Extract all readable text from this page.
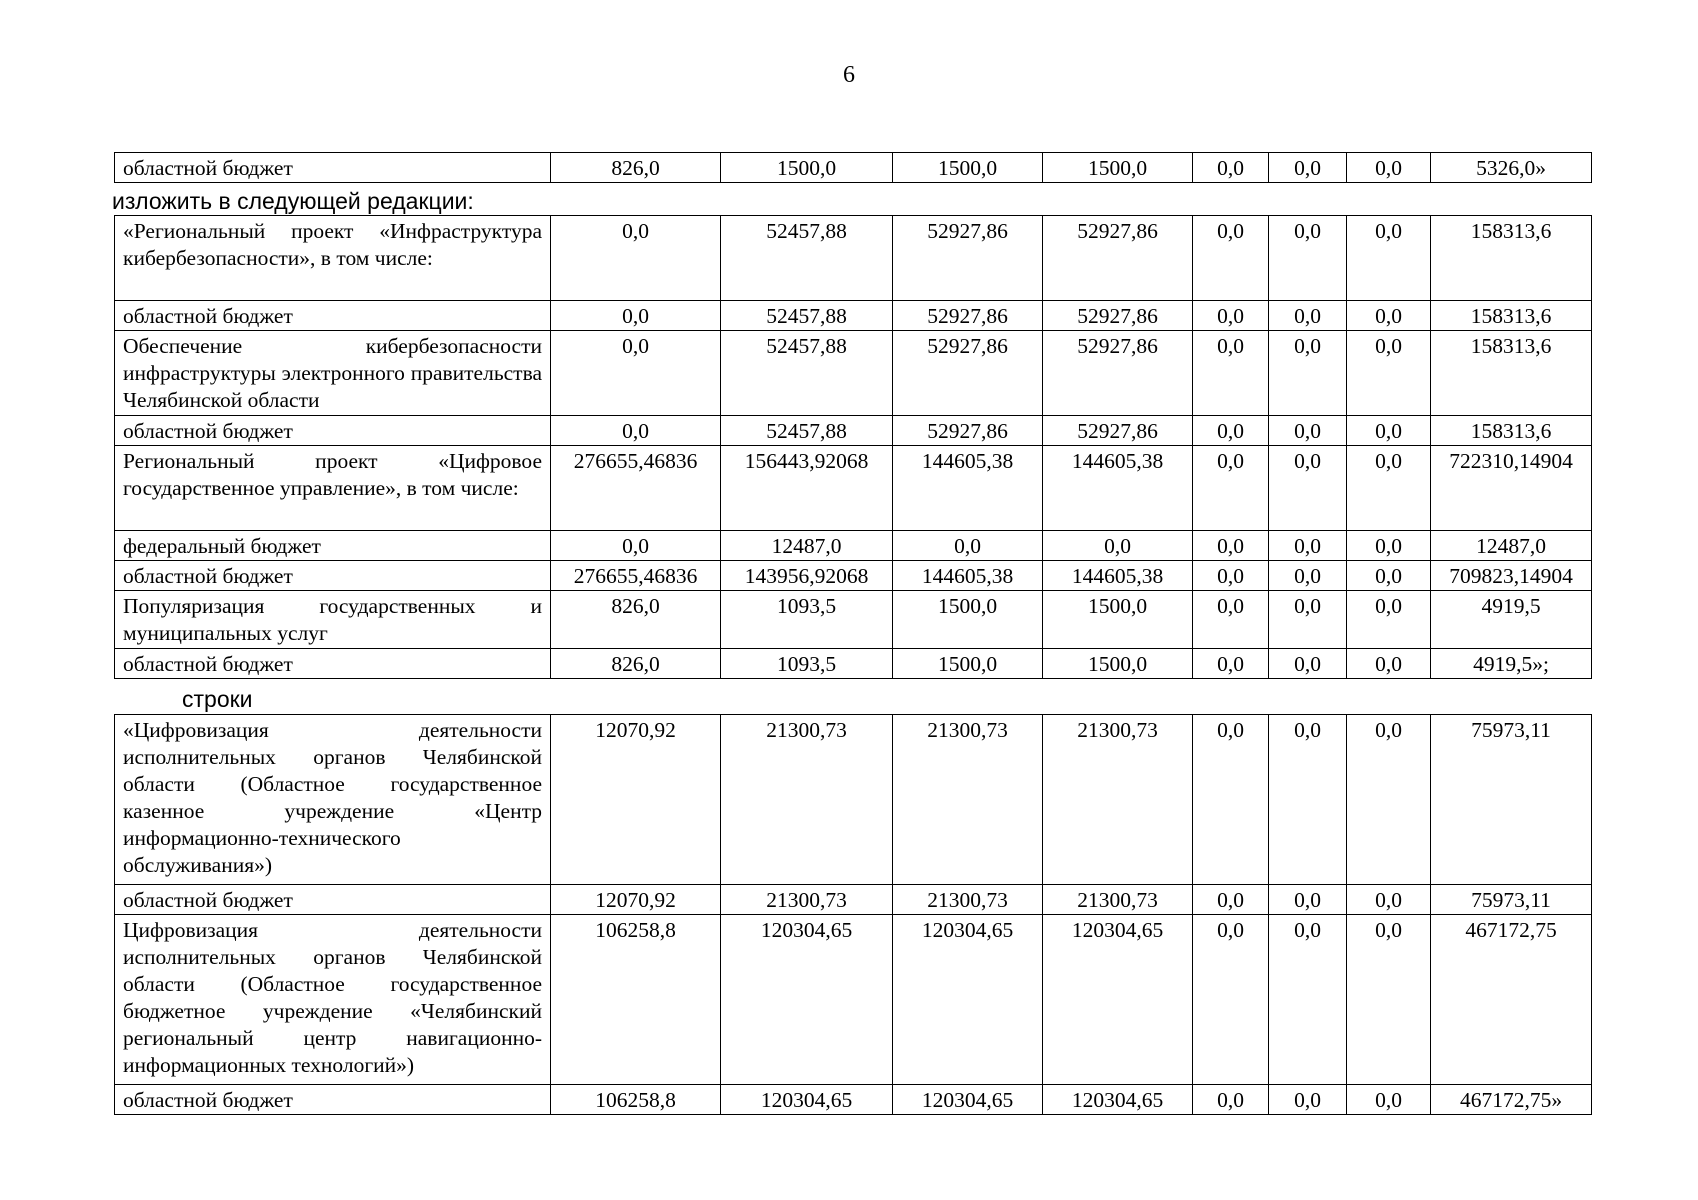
6
областной бюджет	826,0	1500,0	1500,0	1500,0	0,0	0,0	0,0	5326,0»
изложить в следующей редакции:
«Региональный проект «Инфраструктура кибербезопасности», в том числе:	0,0	52457,88	52927,86	52927,86	0,0	0,0	0,0	158313,6
областной бюджет	0,0	52457,88	52927,86	52927,86	0,0	0,0	0,0	158313,6
Обеспечение кибербезопасности инфраструктуры электронного правительства Челябинской области	0,0	52457,88	52927,86	52927,86	0,0	0,0	0,0	158313,6
областной бюджет	0,0	52457,88	52927,86	52927,86	0,0	0,0	0,0	158313,6
Региональный проект «Цифровое государственное управление», в том числе:	276655,46836	156443,92068	144605,38	144605,38	0,0	0,0	0,0	722310,14904
федеральный бюджет	0,0	12487,0	0,0	0,0	0,0	0,0	0,0	12487,0
областной бюджет	276655,46836	143956,92068	144605,38	144605,38	0,0	0,0	0,0	709823,14904
Популяризация государственных и муниципальных услуг	826,0	1093,5	1500,0	1500,0	0,0	0,0	0,0	4919,5
областной бюджет	826,0	1093,5	1500,0	1500,0	0,0	0,0	0,0	4919,5»;
строки
«Цифровизация деятельности исполнительных органов Челябинской области (Областное государственное казенное учреждение «Центр информационно-технического обслуживания»)	12070,92	21300,73	21300,73	21300,73	0,0	0,0	0,0	75973,11
областной бюджет	12070,92	21300,73	21300,73	21300,73	0,0	0,0	0,0	75973,11
Цифровизация деятельности исполнительных органов Челябинской области (Областное государственное бюджетное учреждение «Челябинский региональный центр навигационно-информационных технологий»)	106258,8	120304,65	120304,65	120304,65	0,0	0,0	0,0	467172,75
областной бюджет	106258,8	120304,65	120304,65	120304,65	0,0	0,0	0,0	467172,75»
